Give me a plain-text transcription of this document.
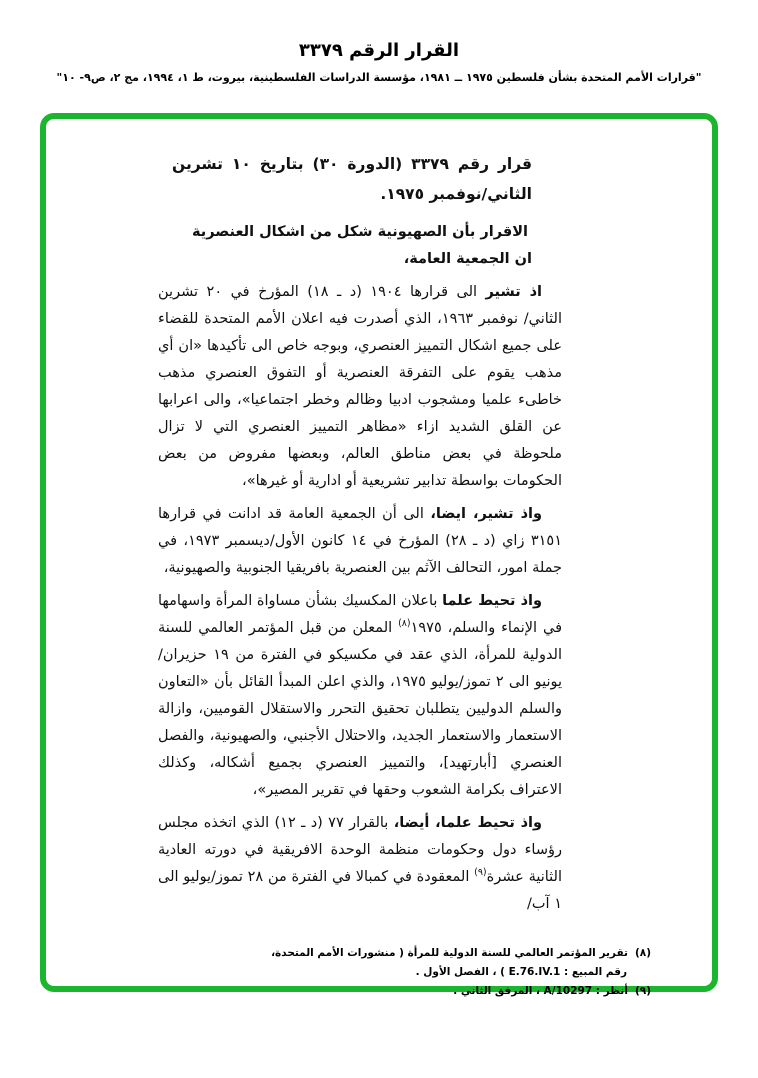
القرار الرقم ٣٣٧٩
"قرارات الأمم المتحدة بشأن فلسطين ١٩٧٥ ــ ١٩٨١، مؤسسة الدراسات الفلسطينية، بيروت، ط ١، ١٩٩٤، مج ٢، ص٩- ١٠"

قرار رقم ٣٣٧٩ (الدورة ٣٠) بتاريخ ١٠ تشرين الثاني/نوفمبر ١٩٧٥.

الاقرار بأن الصهيونية شكل من اشكال العنصرية

ان الجمعية العامة،

اذ تشير الى قرارها ١٩٠٤ (د ـ ١٨) المؤرخ في ٢٠ تشرين الثاني/ نوفمبر ١٩٦٣، الذي أصدرت فيه اعلان الأمم المتحدة للقضاء على جميع اشكال التمييز العنصري، وبوجه خاص الى تأكيدها «ان أي مذهب يقوم على التفرقة العنصرية أو التفوق العنصري مذهب خاطىء علميا ومشجوب ادبيا وظالم وخطر اجتماعيا»، والى اعرابها عن القلق الشديد ازاء «مظاهر التمييز العنصري التي لا تزال ملحوظة في بعض مناطق العالم، وبعضها مفروض من بعض الحكومات بواسطة تدابير تشريعية أو ادارية أو غيرها»،

واذ تشير، ايضا، الى أن الجمعية العامة قد ادانت في قرارها ٣١٥١ زاي (د ـ ٢٨) المؤرخ في ١٤ كانون الأول/ديسمبر ١٩٧٣، في جملة امور، التحالف الآثم بين العنصرية بافريقيا الجنوبية والصهيونية،

واذ تحيط علما باعلان المكسيك بشأن مساواة المرأة واسهامها في الإنماء والسلم، ١٩٧٥$^{(٨)}$ المعلن من قبل المؤتمر العالمي للسنة الدولية للمرأة، الذي عقد في مكسيكو في الفترة من ١٩ حزيران/يونيو الى ٢ تموز/يوليو ١٩٧٥، والذي اعلن المبدأ القائل بأن «التعاون والسلم الدوليين يتطلبان تحقيق التحرر والاستقلال القوميين، وازالة الاستعمار والاستعمار الجديد، والاحتلال الأجنبي، والصهيونية، والفصل العنصري [أبارتهيد]، والتمييز العنصري بجميع أشكاله، وكذلك الاعتراف بكرامة الشعوب وحقها في تقرير المصير»،

واذ تحيط علما، أيضا، بالقرار ٧٧ (د ـ ١٢) الذي اتخذه مجلس رؤساء دول وحكومات منظمة الوحدة الافريقية في دورته العادية الثانية عشرة$^{(٩)}$ المعقودة في كمبالا في الفترة من ٢٨ تموز/يوليو الى ١ آب/

(٨)تقرير المؤتمر العالمي للسنة الدولية للمرأة ( منشورات الأمم المتحدة، رقم المبيع : E.76.IV.1 ) ، الفصل الأول .

(٩)أنظر : A/10297 ، المرفق الثاني .
